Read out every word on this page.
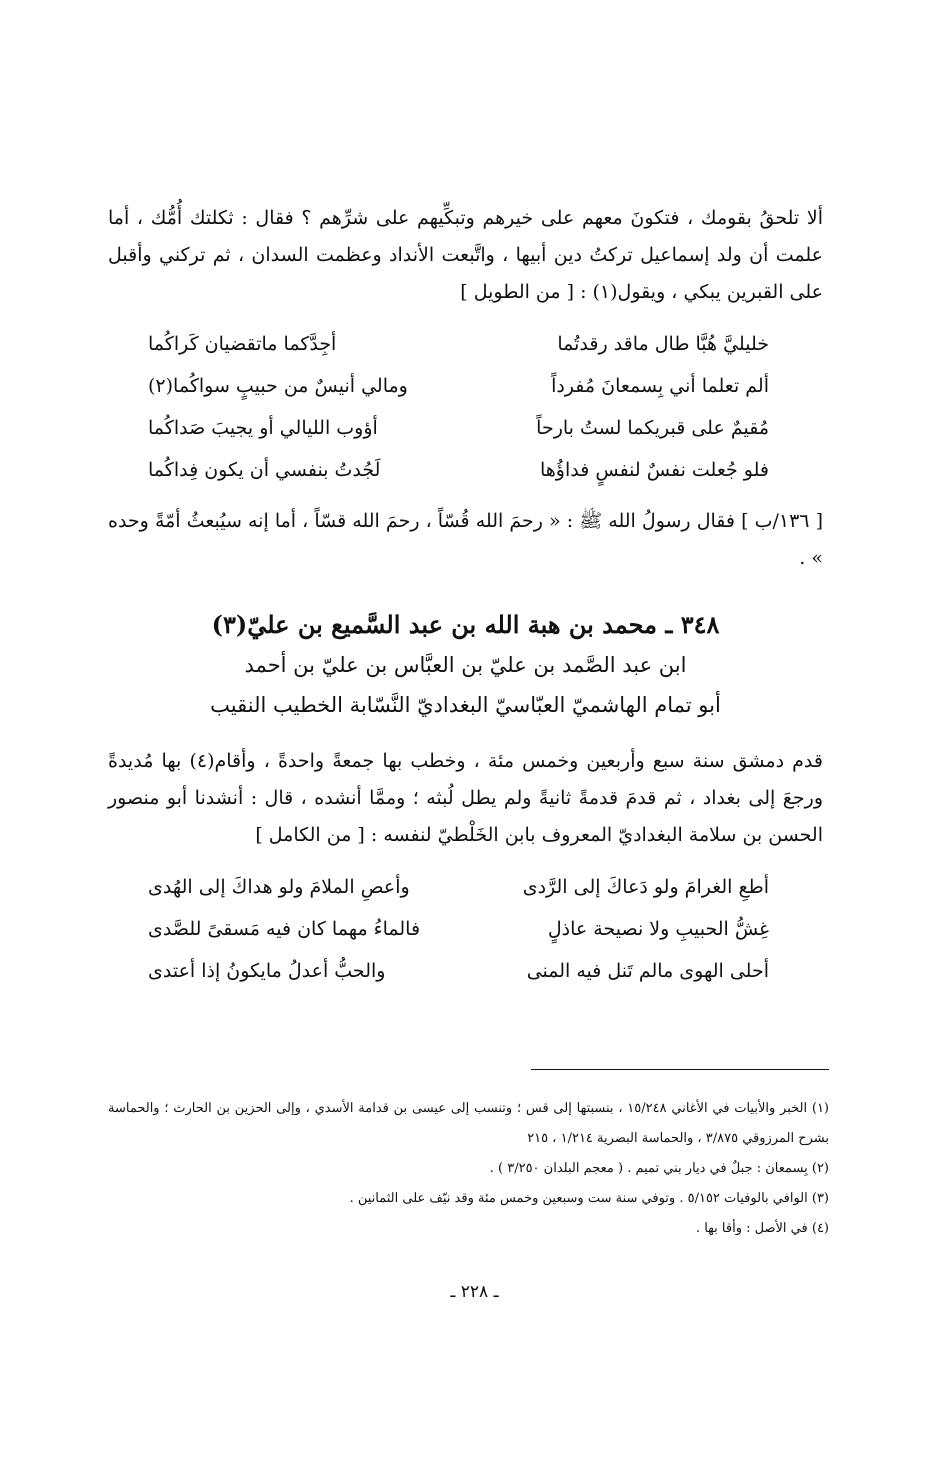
ألا تلحقُ بقومك ، فتكونَ معهم على خيرهم وتبكِّيهم على شرِّهم ؟ فقال : ثكلتك أُمُّك ، أما علمت أن ولد إسماعيل تركتُ دين أبيها ، واتَّبعت الأنداد وعظمت السدان ، ثم تركني وأقبل على القبرين يبكي ، ويقول(١) : [ من الطويل ]

خليليَّ هُبَّا طال ماقد رقدتُما
أجِدَّكما ماتقضيان كَراكُما
ألم تعلما أني بِسمعانَ مُفرداً
ومالي أنيسٌ من حبيبٍ سواكُما(٢)
مُقيمٌ على قبريكما لستُ بارحاً
أؤوب الليالي أو يجيبَ صَداكُما
فلو جُعلت نفسٌ لنفسٍ فداؤُها
لَجُدتُ بنفسي أن يكون فِداكُما

[ ١٣٦/ب ] فقال رسولُ الله ﷺ : « رحمَ الله قُسّاً ، رحمَ الله قسّاً ، أما إنه سيُبعثُ أمّةً وحده » .

٣٤٨ ـ محمد بن هبة الله بن عبد السَّميع بن عليّ(٣)
ابن عبد الصَّمد بن عليّ بن العبَّاس بن عليّ بن أحمد
أبو تمام الهاشميّ العبّاسيّ البغداديّ النَّسّابة الخطيب النقيب

قدم دمشق سنة سبع وأربعين وخمس مئة ، وخطب بها جمعةً واحدةً ، وأقام(٤) بها مُديدةً ورجعَ إلى بغداد ، ثم قدمَ قدمةً ثانيةً ولم يطل لُبثه ؛ وممَّا أنشده ، قال : أنشدنا أبو منصور الحسن بن سلامة البغداديّ المعروف بابن الخَلْطيّ لنفسه : [ من الكامل ]

أطعِ الغرامَ ولو دَعاكَ إلى الرَّدى
وأعصِ الملامَ ولو هداكَ إلى الهُدى
غِشُّ الحبيبِ ولا نصيحة عاذلٍ
فالماءُ مهما كان فيه مَسقىً للصَّدى
أحلى الهوى مالم تَنل فيه المنى
والحبُّ أعدلُ مايكونُ إذا أعتدى

(١) الخبر والأبيات في الأغاني ١٥/٢٤٨ ، بنسبتها إلى قس ؛ وتنسب إلى عيسى بن قدامة الأسدي ، وإلى الحزين بن الحارث ؛ والحماسة بشرح المرزوقي ٣/٨٧٥ ، والحماسة البصرية ١/٢١٤ ، ٢١٥

(٢) بِسمعان : جبلٌ في ديار بني تميم . ( معجم البلدان ٣/٢٥٠ ) .

(٣) الوافي بالوفيات ٥/١٥٢ . وتوفي سنة ست وسبعين وخمس مئة وقد نيّف على الثمانين .

(٤) في الأصل : وأقا بها .

ـ ٢٢٨ ـ
